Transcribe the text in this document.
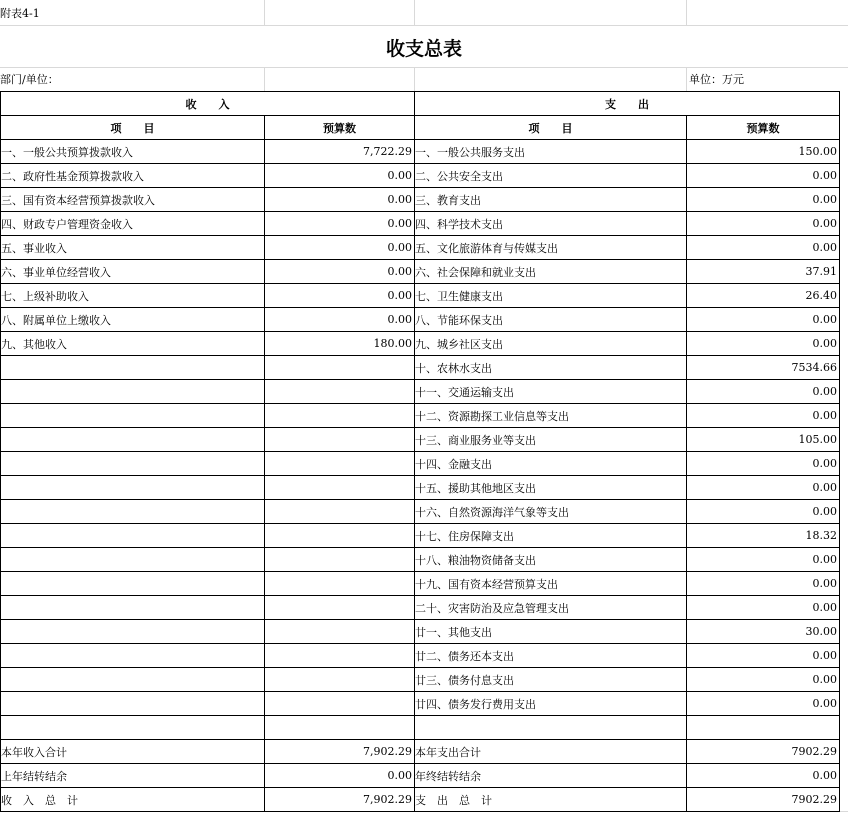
附表4-1
收支总表
部门/单位：	单位：万元
收　　入		支　　出	
项　　目	预算数	项　　目	预算数
一、一般公共预算拨款收入	7,722.29	一、一般公共服务支出	150.00
二、政府性基金预算拨款收入	0.00	二、公共安全支出	0.00
三、国有资本经营预算拨款收入	0.00	三、教育支出	0.00
四、财政专户管理资金收入	0.00	四、科学技术支出	0.00
五、事业收入	0.00	五、文化旅游体育与传媒支出	0.00
六、事业单位经营收入	0.00	六、社会保障和就业支出	37.91
七、上级补助收入	0.00	七、卫生健康支出	26.40
八、附属单位上缴收入	0.00	八、节能环保支出	0.00
九、其他收入	180.00	九、城乡社区支出	0.00
		十、农林水支出	7534.66
		十一、交通运输支出	0.00
		十二、资源勘探工业信息等支出	0.00
		十三、商业服务业等支出	105.00
		十四、金融支出	0.00
		十五、援助其他地区支出	0.00
		十六、自然资源海洋气象等支出	0.00
		十七、住房保障支出	18.32
		十八、粮油物资储备支出	0.00
		十九、国有资本经营预算支出	0.00
		二十、灾害防治及应急管理支出	0.00
		廿一、其他支出	30.00
		廿二、债务还本支出	0.00
		廿三、债务付息支出	0.00
		廿四、债务发行费用支出	0.00

本年收入合计	7,902.29	本年支出合计	7902.29
上年结转结余	0.00	年终结转结余	0.00
收　入　总　计	7,902.29	支　出　总　计	7902.29
